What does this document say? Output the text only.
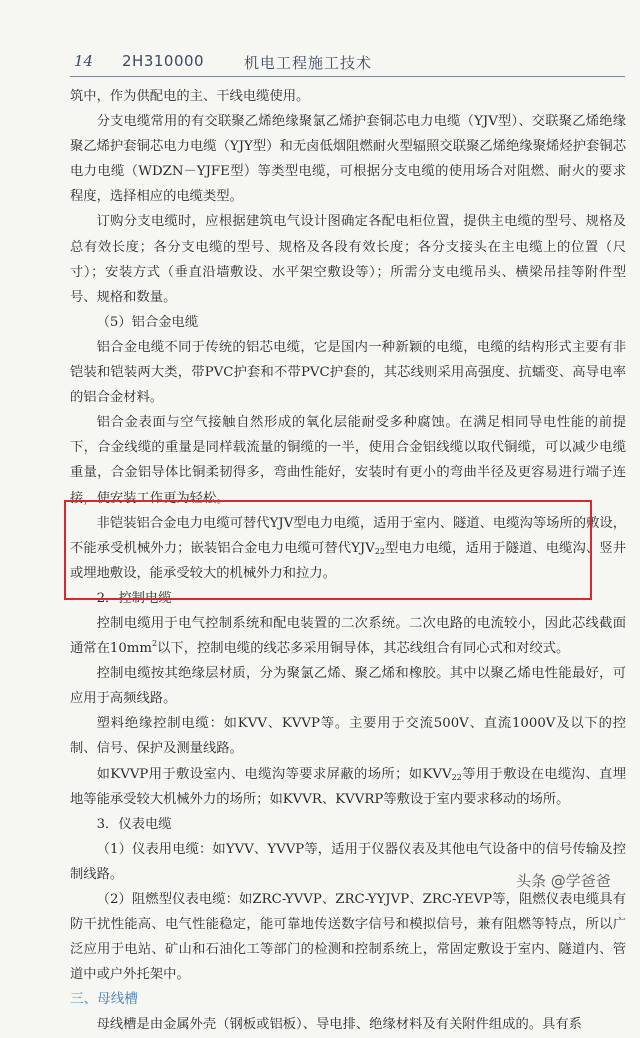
14 2H310000	机电工程施工技术

筑中，作为供配电的主、干线电缆使用。

分支电缆常用的有交联聚乙烯绝缘聚氯乙烯护套铜芯电力电缆（YJV型）、交联聚乙烯绝缘聚乙烯护套铜芯电力电缆（YJY型）和无卤低烟阻燃耐火型辐照交联聚乙烯绝缘聚烯烃护套铜芯电力电缆（WDZN－YJFE型）等类型电缆，可根据分支电缆的使用场合对阻燃、耐火的要求程度，选择相应的电缆类型。

订购分支电缆时，应根据建筑电气设计图确定各配电柜位置，提供主电缆的型号、规格及总有效长度；各分支电缆的型号、规格及各段有效长度；各分支接头在主电缆上的位置（尺寸）；安装方式（垂直沿墙敷设、水平架空敷设等）；所需分支电缆吊头、横梁吊挂等附件型号、规格和数量。

（5）铝合金电缆

铝合金电缆不同于传统的铝芯电缆，它是国内一种新颖的电缆，电缆的结构形式主要有非铠装和铠装两大类，带PVC护套和不带PVC护套的，其芯线则采用高强度、抗蠕变、高导电率的铝合金材料。

铝合金表面与空气接触自然形成的氧化层能耐受多种腐蚀。在满足相同导电性能的前提下，合金线缆的重量是同样载流量的铜缆的一半，使用合金铝线缆以取代铜缆，可以减少电缆重量，合金铝导体比铜柔韧得多，弯曲性能好，安装时有更小的弯曲半径及更容易进行端子连接，使安装工作更为轻松。

非铠装铝合金电力电缆可替代YJV型电力电缆，适用于室内、隧道、电缆沟等场所的敷设，不能承受机械外力；嵌装铝合金电力电缆可替代$YJV_{22}$型电力电缆，适用于隧道、电缆沟、竖井或埋地敷设，能承受较大的机械外力和拉力。

2．控制电缆

控制电缆用于电气控制系统和配电装置的二次系统。二次电路的电流较小，因此芯线截面通常在$10mm^2$以下，控制电缆的线芯多采用铜导体，其芯线组合有同心式和对绞式。

控制电缆按其绝缘层材质，分为聚氯乙烯、聚乙烯和橡胶。其中以聚乙烯电性能最好，可应用于高频线路。

塑料绝缘控制电缆：如KVV、KVVP等。主要用于交流500V、直流1000V及以下的控制、信号、保护及测量线路。

如KVVP用于敷设室内、电缆沟等要求屏蔽的场所；如$KVV_{22}$等用于敷设在电缆沟、直埋地等能承受较大机械外力的场所；如KVVR、KVVRP等敷设于室内要求移动的场所。

3．仪表电缆

（1）仪表用电缆：如YVV、YVVP等，适用于仪器仪表及其他电气设备中的信号传输及控制线路。

（2）阻燃型仪表电缆：如ZRC-YVVP、ZRC-YYJVP、ZRC-YEVP等，阻燃仪表电缆具有防干扰性能高、电气性能稳定，能可靠地传送数字信号和模拟信号，兼有阻燃等特点，所以广泛应用于电站、矿山和石油化工等部门的检测和控制系统上，常固定敷设于室内、隧道内、管道中或户外托架中。

三、母线槽

母线槽是由金属外壳（钢板或铝板）、导电排、绝缘材料及有关附件组成的。具有系

头条 @学爸爸
